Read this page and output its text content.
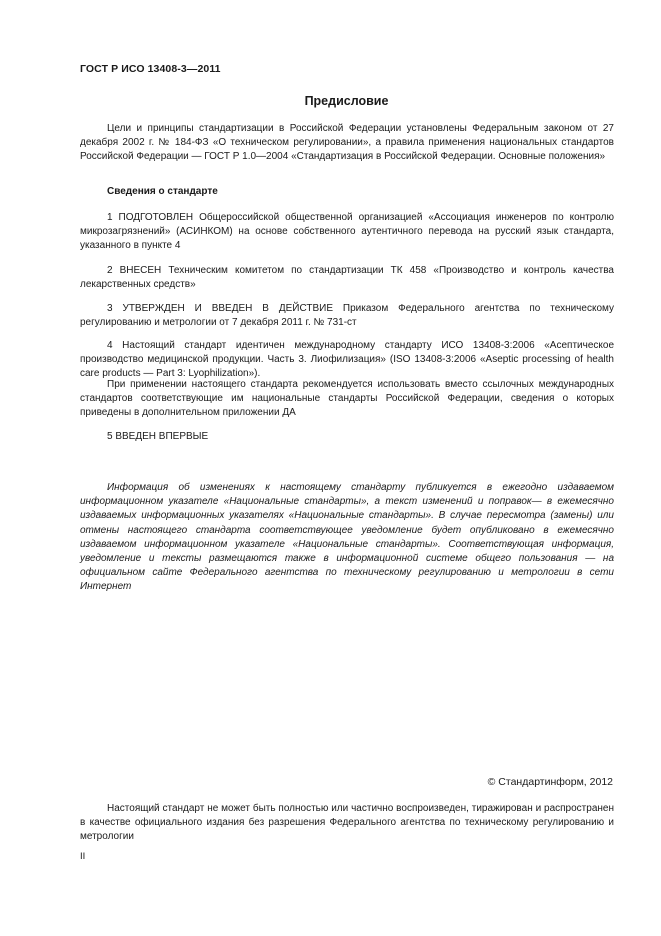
ГОСТ Р ИСО 13408-3—2011
Предисловие

Цели и принципы стандартизации в Российской Федерации установлены Федеральным законом от 27 декабря 2002 г. № 184-ФЗ «О техническом регулировании», а правила применения национальных стандартов Российской Федерации — ГОСТ Р 1.0—2004 «Стандартизация в Российской Федерации. Основные положения»

Сведения о стандарте

1 ПОДГОТОВЛЕН Общероссийской общественной организацией «Ассоциация инженеров по контролю микрозагрязнений» (АСИНКОМ) на основе собственного аутентичного перевода на русский язык стандарта, указанного в пункте 4

2 ВНЕСЕН Техническим комитетом по стандартизации ТК 458 «Производство и контроль качества лекарственных средств»

3 УТВЕРЖДЕН И ВВЕДЕН В ДЕЙСТВИЕ Приказом Федерального агентства по техническому регулированию и метрологии от 7 декабря 2011 г. № 731-ст

4 Настоящий стандарт идентичен международному стандарту ИСО 13408-3:2006 «Асептическое производство медицинской продукции. Часть 3. Лиофилизация» (ISO 13408-3:2006 «Aseptic processing of health care products — Part 3: Lyophilization»).

При применении настоящего стандарта рекомендуется использовать вместо ссылочных международных стандартов соответствующие им национальные стандарты Российской Федерации, сведения о которых приведены в дополнительном приложении ДА

5 ВВЕДЕН ВПЕРВЫЕ

Информация об изменениях к настоящему стандарту публикуется в ежегодно издаваемом информационном указателе «Национальные стандарты», а текст изменений и поправок— в ежемесячно издаваемых информационных указателях «Национальные стандарты». В случае пересмотра (замены) или отмены настоящего стандарта соответствующее уведомление будет опубликовано в ежемесячно издаваемом информационном указателе «Национальные стандарты». Соответствующая информация, уведомление и тексты размещаются также в информационной системе общего пользования — на официальном сайте Федерального агентства по техническому регулированию и метрологии в сети Интернет

© Стандартинформ, 2012

Настоящий стандарт не может быть полностью или частично воспроизведен, тиражирован и распространен в качестве официального издания без разрешения Федерального агентства по техническому регулированию и метрологии

II
